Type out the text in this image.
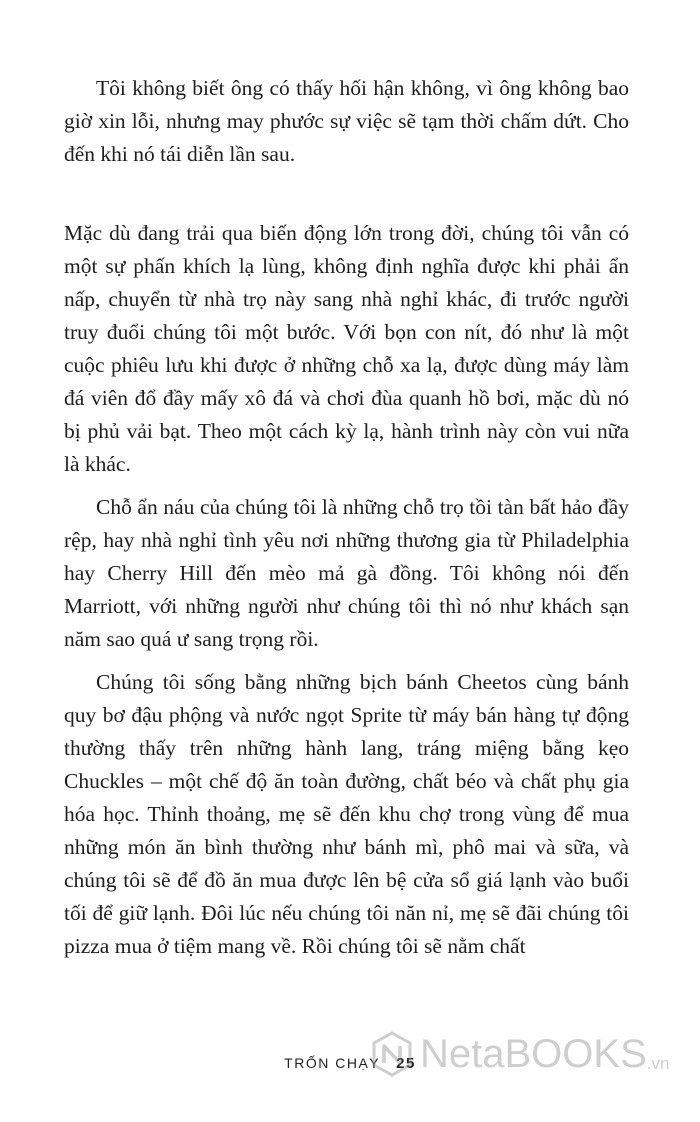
Tôi không biết ông có thấy hối hận không, vì ông không bao giờ xin lỗi, nhưng may phước sự việc sẽ tạm thời chấm dứt. Cho đến khi nó tái diễn lần sau.

Mặc dù đang trải qua biến động lớn trong đời, chúng tôi vẫn có một sự phấn khích lạ lùng, không định nghĩa được khi phải ẩn nấp, chuyển từ nhà trọ này sang nhà nghỉ khác, đi trước người truy đuổi chúng tôi một bước. Với bọn con nít, đó như là một cuộc phiêu lưu khi được ở những chỗ xa lạ, được dùng máy làm đá viên đổ đầy mấy xô đá và chơi đùa quanh hồ bơi, mặc dù nó bị phủ vải bạt. Theo một cách kỳ lạ, hành trình này còn vui nữa là khác.

Chỗ ẩn náu của chúng tôi là những chỗ trọ tồi tàn bất hảo đầy rệp, hay nhà nghỉ tình yêu nơi những thương gia từ Philadelphia hay Cherry Hill đến mèo mả gà đồng. Tôi không nói đến Marriott, với những người như chúng tôi thì nó như khách sạn năm sao quá ư sang trọng rồi.

Chúng tôi sống bằng những bịch bánh Cheetos cùng bánh quy bơ đậu phộng và nước ngọt Sprite từ máy bán hàng tự động thường thấy trên những hành lang, tráng miệng bằng kẹo Chuckles – một chế độ ăn toàn đường, chất béo và chất phụ gia hóa học. Thỉnh thoảng, mẹ sẽ đến khu chợ trong vùng để mua những món ăn bình thường như bánh mì, phô mai và sữa, và chúng tôi sẽ để đồ ăn mua được lên bệ cửa sổ giá lạnh vào buổi tối để giữ lạnh. Đôi lúc nếu chúng tôi năn nỉ, mẹ sẽ đãi chúng tôi pizza mua ở tiệm mang về. Rồi chúng tôi sẽ nằm chất

TRỐN CHẠY 25 NetaBOOKS .vn
